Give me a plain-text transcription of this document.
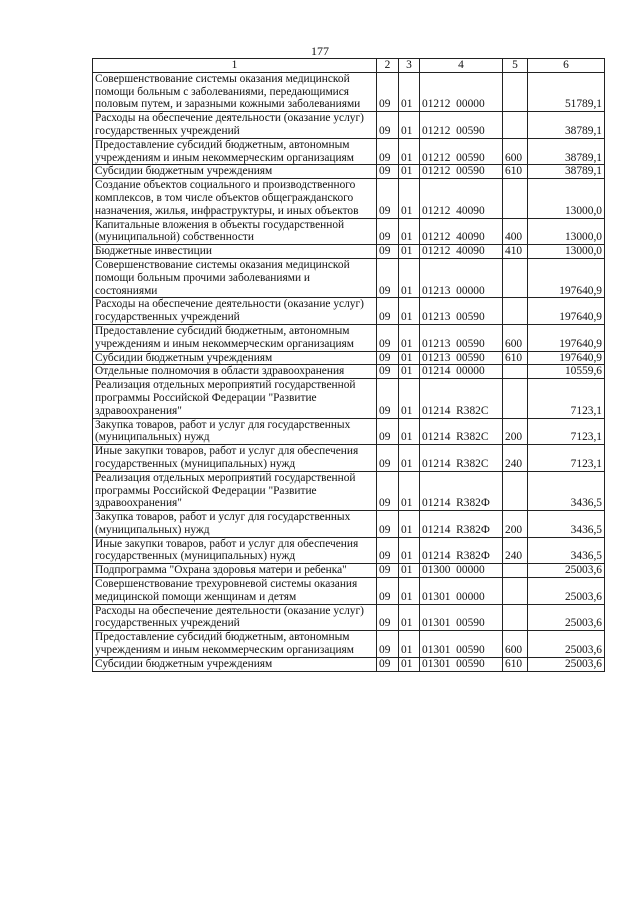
177
1	2	3	4	5	6
Совершенствование системы оказания медицинской помощи больным с заболеваниями, передающимися половым путем, и заразными кожными заболеваниями	09	01	01212  00000		51789,1
Расходы на обеспечение деятельности (оказание услуг) государственных учреждений	09	01	01212  00590		38789,1
Предоставление субсидий бюджетным, автономным учреждениям и иным некоммерческим организациям	09	01	01212  00590	600	38789,1
Субсидии бюджетным учреждениям	09	01	01212  00590	610	38789,1
Создание объектов социального и производственного комплексов, в том числе объектов общегражданского назначения, жилья, инфраструктуры, и иных объектов	09	01	01212  40090		13000,0
Капитальные вложения в объекты государственной (муниципальной) собственности	09	01	01212  40090	400	13000,0
Бюджетные инвестиции	09	01	01212  40090	410	13000,0
Совершенствование системы оказания медицинской помощи больным прочими заболеваниями и состояниями	09	01	01213  00000		197640,9
Расходы на обеспечение деятельности (оказание услуг) государственных учреждений	09	01	01213  00590		197640,9
Предоставление субсидий бюджетным, автономным учреждениям и иным некоммерческим организациям	09	01	01213  00590	600	197640,9
Субсидии бюджетным учреждениям	09	01	01213  00590	610	197640,9
Отдельные полномочия в области здравоохранения	09	01	01214  00000		10559,6
Реализация отдельных мероприятий государственной программы Российской Федерации "Развитие здравоохранения"	09	01	01214  R382C		7123,1
Закупка товаров, работ и услуг для государственных (муниципальных) нужд	09	01	01214  R382C	200	7123,1
Иные закупки товаров, работ и услуг для обеспечения государственных (муниципальных) нужд	09	01	01214  R382C	240	7123,1
Реализация отдельных мероприятий государственной программы Российской Федерации "Развитие здравоохранения"	09	01	01214  R382Ф		3436,5
Закупка товаров, работ и услуг для государственных (муниципальных) нужд	09	01	01214  R382Ф	200	3436,5
Иные закупки товаров, работ и услуг для обеспечения государственных (муниципальных) нужд	09	01	01214  R382Ф	240	3436,5
Подпрограмма "Охрана здоровья матери и ребенка"	09	01	01300  00000		25003,6
Совершенствование трехуровневой системы оказания медицинской помощи женщинам и детям	09	01	01301  00000		25003,6
Расходы на обеспечение деятельности (оказание услуг) государственных учреждений	09	01	01301  00590		25003,6
Предоставление субсидий бюджетным, автономным учреждениям и иным некоммерческим организациям	09	01	01301  00590	600	25003,6
Субсидии бюджетным учреждениям	09	01	01301  00590	610	25003,6
